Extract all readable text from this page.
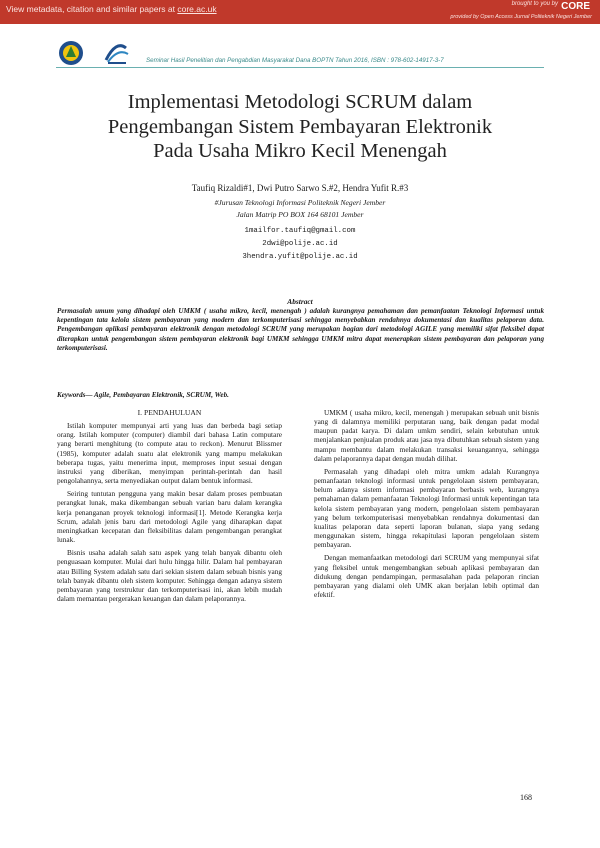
View metadata, citation and similar papers at core.ac.uk	brought to you by CORE
provided by Open Access Jurnal Politeknik Negeri Jember
Seminar Hasil Penelitian dan Pengabdian Masyarakat Dana BOPTN Tahun 2016, ISBN : 978-602-14917-3-7
Implementasi Metodologi SCRUM dalam
Pengembangan Sistem Pembayaran Elektronik
Pada Usaha Mikro Kecil Menengah
Taufiq Rizaldi#1, Dwi Putro Sarwo S.#2, Hendra Yufit R.#3
#Jurusan Teknologi Informasi Politeknik Negeri Jember
Jalan Matrip PO BOX 164 68101 Jember
1mailfor.taufiq@gmail.com
2dwi@polije.ac.id
3hendra.yufit@polije.ac.id
Abstract
Permasalah umum yang dihadapi oleh UMKM ( usaha mikro, kecil, menengah ) adalah kurangnya pemahaman dan pemanfaatan Teknologi Informasi untuk kepentingan tata kelola sistem pembayaran yang modern dan terkomputerisasi sehingga menyebabkan rendahnya dokumentasi dan kualitas pelaporan data. Pengembangan aplikasi pembayaran elektronik dengan metodologi SCRUM yang merupakan bagian dari metodologi AGILE yang memiliki sifat fleksibel dapat diterapkan untuk pengembangan sistem pembayaran elektronik bagi UMKM sehingga UMKM mitra dapat menerapkan sistem pembayaran dan pelaporan yang terkomputerisasi.
Keywords— Agile, Pembayaran Elektronik, SCRUM, Web.

I. PENDAHULUAN

Istilah komputer mempunyai arti yang luas dan berbeda bagi setiap orang. Istilah komputer (computer) diambil dari bahasa Latin computare yang berarti menghitung (to compute atau to reckon). Menurut Blissmer (1985), komputer adalah suatu alat elektronik yang mampu melakukan beberapa tugas, yaitu menerima input, memproses input sesuai dengan instruksi yang diberikan, menyimpan perintah-perintah dan hasil pengolahannya, serta menyediakan output dalam bentuk informasi.

Seiring tuntutan pengguna yang makin besar dalam proses pembuatan perangkat lunak, maka dikembangan sebuah varian baru dalam kerangka kerja penanganan proyek teknologi informasi[1]. Metode Kerangka kerja Scrum, adalah jenis baru dari metodologi Agile yang diharapkan dapat meningkatkan kecepatan dan fleksibilitas dalam pengembangan perangkat lunak.

Bisnis usaha adalah salah satu aspek yang telah banyak dibantu oleh penguasaan komputer. Mulai dari hulu hingga hilir. Dalam hal pembayaran atau Billing System adalah satu dari sekian sistem dalam sebuah bisnis yang telah banyak dibantu oleh sistem komputer. Sehingga dengan adanya sistem pembayaran yang terstruktur dan terkomputerisasi ini, akan lebih mudah dalam memantau pergerakan keuangan dan dalam pelaporannya.

UMKM ( usaha mikro, kecil, menengah ) merupakan sebuah unit bisnis yang di dalamnya memiliki perputaran uang, baik dengan padat modal maupun padat karya. Di dalam umkm sendiri, selain kebutuhan untuk menjalankan penjualan produk atau jasa nya dibutuhkan sebuah sistem yang mampu membantu dalam melakukan transaksi keuangannya, sehingga dalam pelaporannya dapat dengan mudah dilihat.

Permasalah yang dihadapi oleh mitra umkm adalah Kurangnya pemanfaatan teknologi informasi untuk pengelolaan sistem pembayaran, belum adanya sistem informasi pembayaran berbasis web, kurangnya pemahaman dalam pemanfaatan Teknologi Informasi untuk kepentingan tata kelola sistem pembayaran yang modern, pengelolaan sistem pembayaran yang belum terkomputerisasi menyebabkan rendahnya dokumentasi dan kualitas pelaporan data seperti laporan bulanan, siapa yang sedang menggunakan sistem, hingga rekapitulasi laporan pengelolaan sistem pembayaran.

Dengan memanfaatkan metodologi dari SCRUM yang mempunyai sifat yang fleksibel untuk mengembangkan sebuah aplikasi pembayaran dan didukung dengan pendampingan, permasalahan pada pelaporan rincian pembayaran yang dialami oleh UMK akan berjalan lebih optimal dan efektif.

168
